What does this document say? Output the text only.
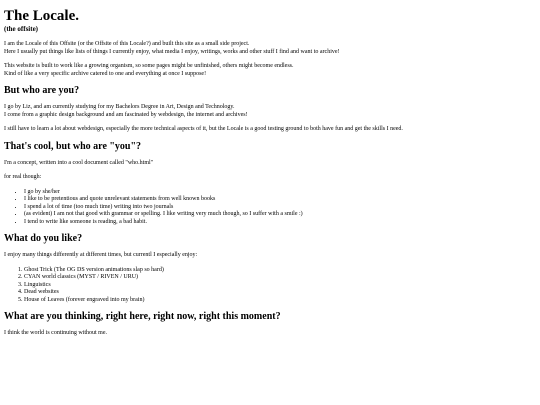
The Locale.
(the offsite)

I am the Locale of this Offsite (or the Offsite of this Locale?) and built this site as a small side project.
Here I usually put things like lists of things I currently enjoy, what media I enjoy, writings, works and other stuff I find and want to archive!

This website is built to work like a growing organism, so some pages might be unfinished, others might become endless.
Kind of like a very specific archive catered to one and everything at once I suppose!

But who are you?

I go by Liz, and am currently studying for my Bachelors Degree in Art, Design and Technology.
I come from a graphic design background and am fascinated by webdesign, the internet and archives!

I still have to learn a lot about webdesign, especially the more technical aspects of it, but the Locale is a good testing ground to both have fun and get the skills I need.

That's cool, but who are "you"?

I'm a concept, written into a cool document called "who.html"

for real though:

• I go by she/her
• I like to be pretentious and quote unrelevant statements from well known books
• I spend a lot of time (too much time) writing into two journals
• (as evident) I am not that good with grammar or spelling. I like writing very much though, so I suffer with a smile :)
• I tend to write like someone is reading, a bad habit.
What do you like?

I enjoy many things differently at different times, but currentl I especially enjoy:

1. Ghost Trick (The OG DS version animations slap so hard)
2. CYAN world classics (MYST / RIVEN / URU)
3. Linguistics
4. Dead websites
5. House of Leaves (forever engraved into my brain)
What are you thinking, right here, right now, right this moment?

I think the world is continuing without me.
